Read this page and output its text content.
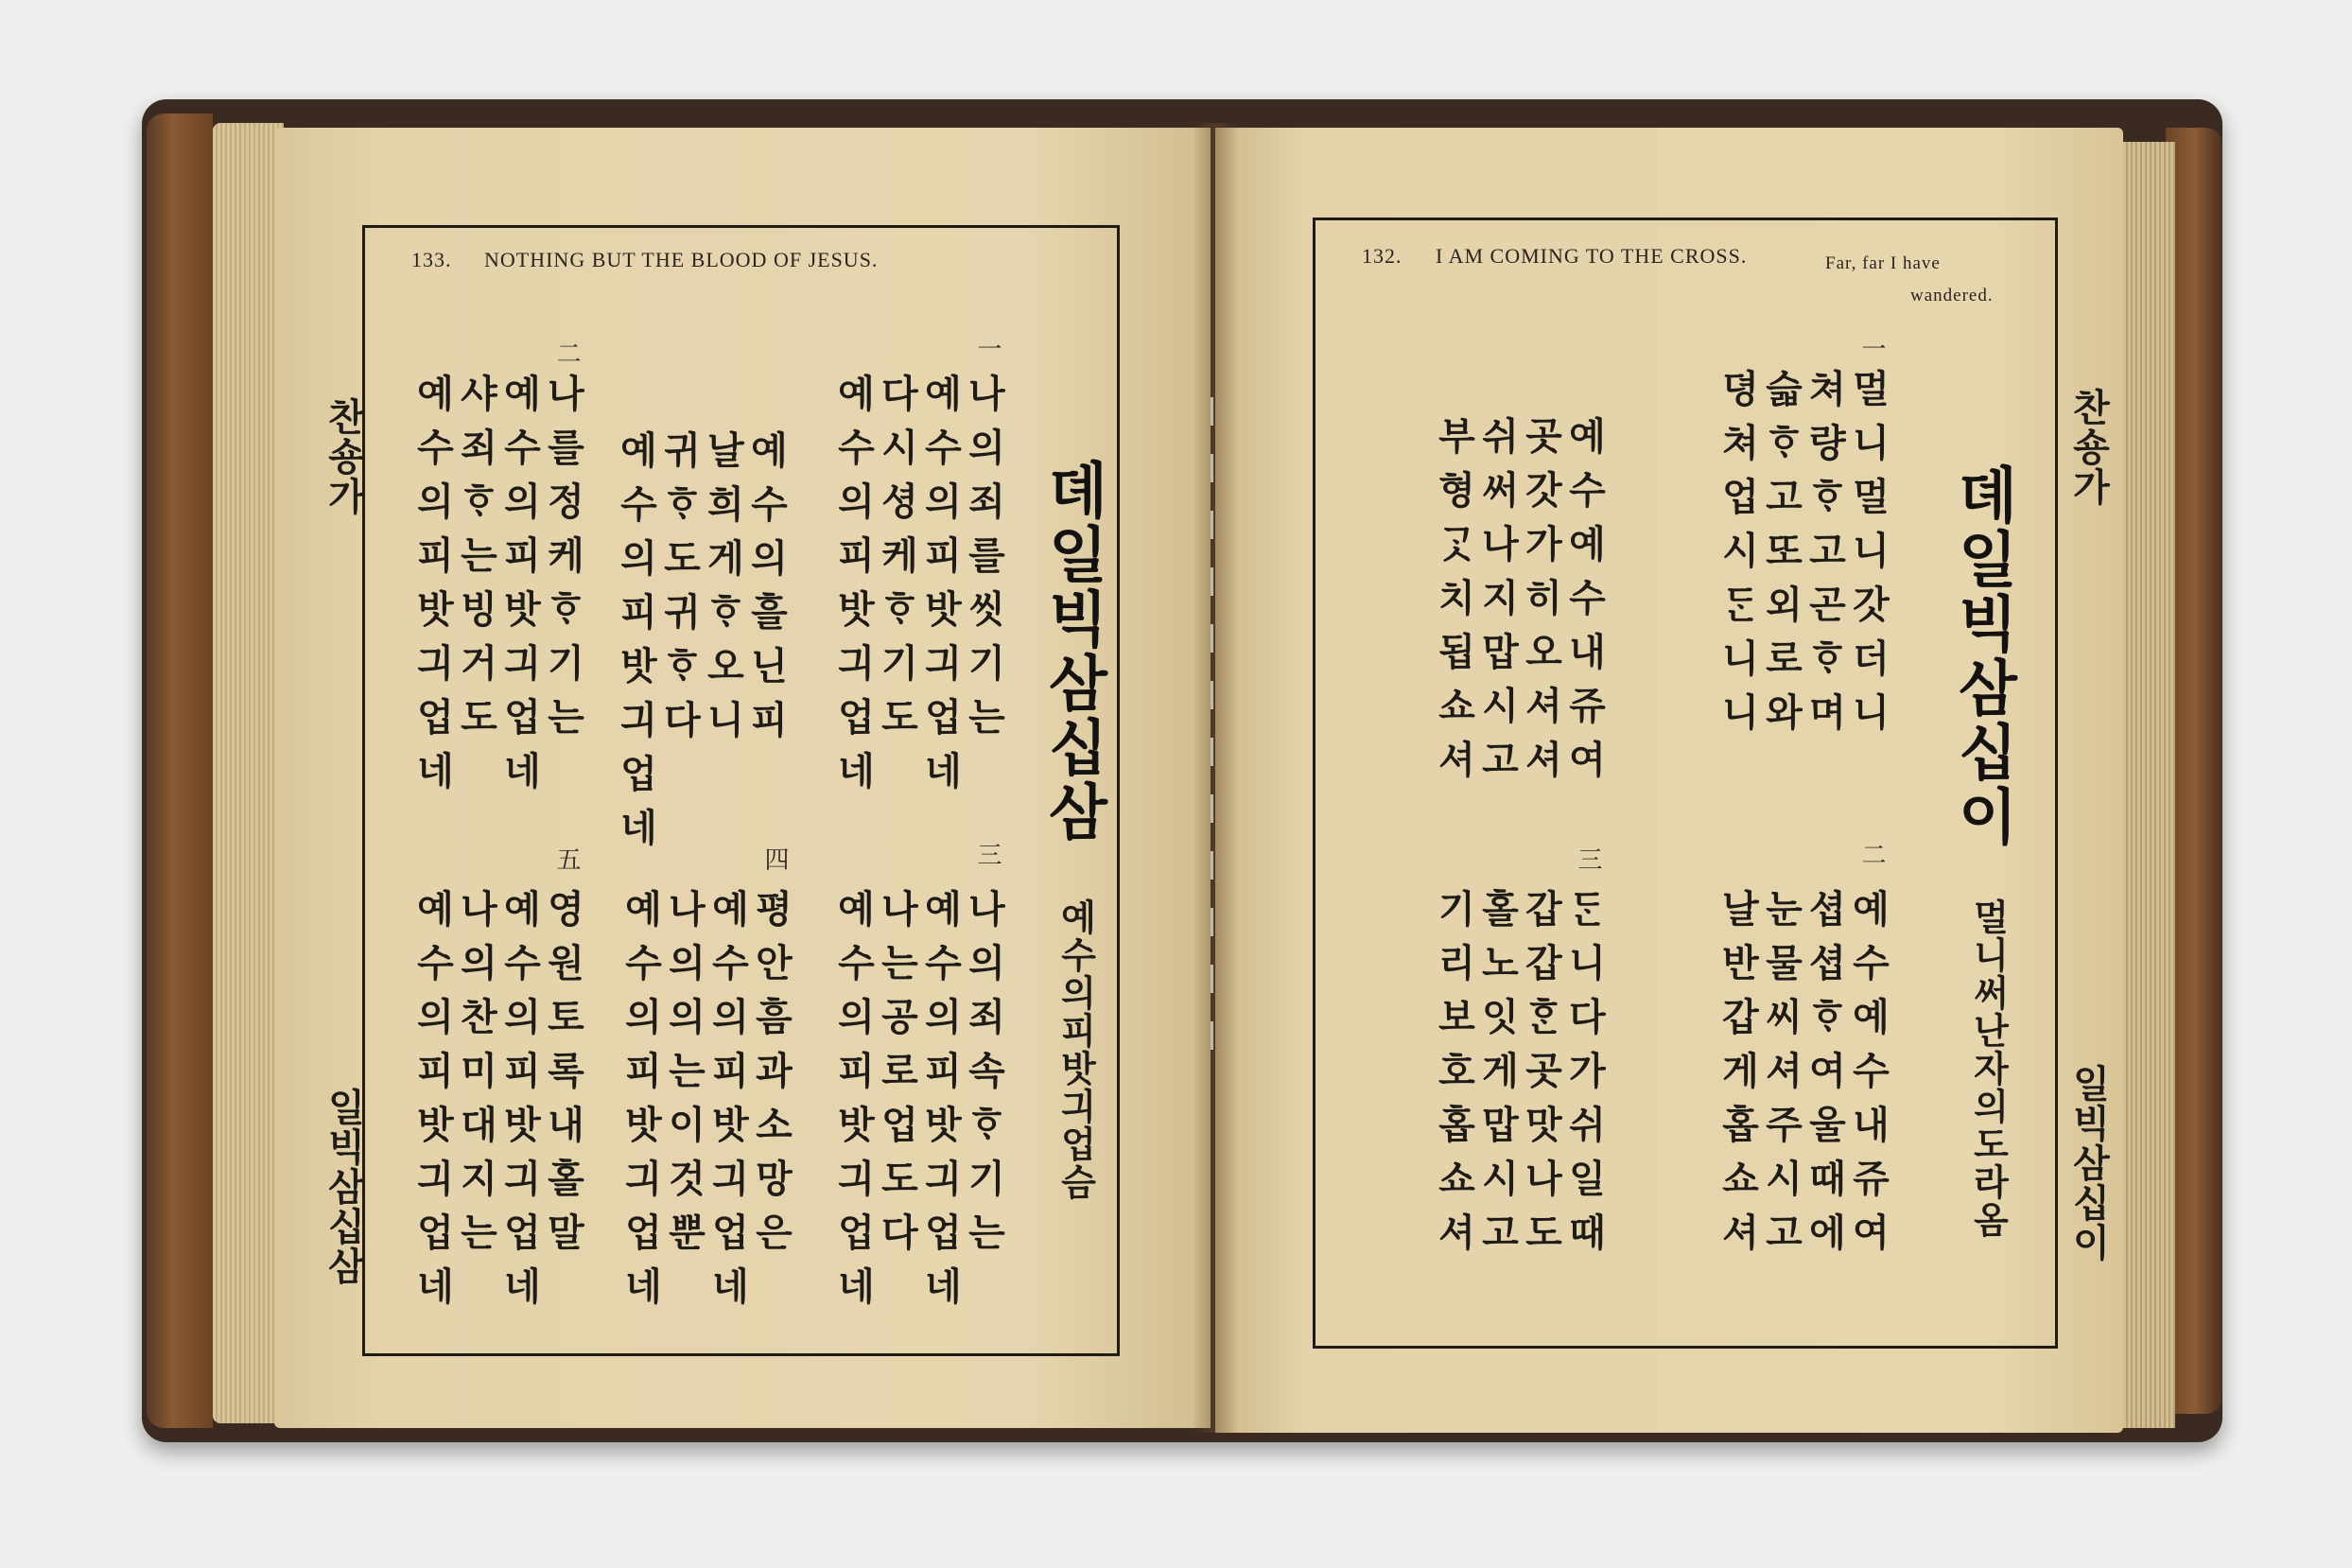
133. NOTHING BUT THE BLOOD OF JESUS.
찬숑가
일빅삼십삼
뎨일빅삼십삼
예수의피밧긔업슴
132. I AM COMING TO THE CROSS.	Far, far I have
wandered.
찬숑가
일빅삼십이
뎨일빅삼십이
멀니써난자의도라옴
一
나의죄를씻기는
예수의피밧긔업네
다시셩케ᄒᆞ기도
예수의피밧긔업네
예수의흘닌피
날희게ᄒᆞ오니
귀ᄒᆞ도귀ᄒᆞ다
예수의피밧긔업네
二
나를정케ᄒᆞ기는
예수의피밧긔업네
샤죄ᄒᆞ는빙거도
예수의피밧긔업네
三
나의죄속ᄒᆞ기는
예수의피밧긔업네
나는공로업도다
예수의피밧긔업네
四
평안흠과소망은
예수의피밧긔업네
나의의는이것뿐
예수의피밧긔업네
五
영원토록내홀말
예수의피밧긔업네
나의찬미대지는
예수의피밧긔업네
一
멀니멀니갓더니
쳐량ᄒᆞ고곤ᄒᆞ며
슯ᄒᆞ고또외로와
뎡쳐업시ᄃᆞᆫ니니
예수예수내쥬여
곳갓가히오셔셔
쉬써나지맙시고
부형ᄀᆞᆺ치됩쇼셔
二
예수예수내쥬여
셥셥ᄒᆞ여울때에
눈물씨셔주시고
날반갑게홉쇼셔
三
ᄃᆞᆫ니다가쉬일때
갑갑ᄒᆞᆫ곳맛나도
홀노잇게맙시고
기리보호홉쇼셔
